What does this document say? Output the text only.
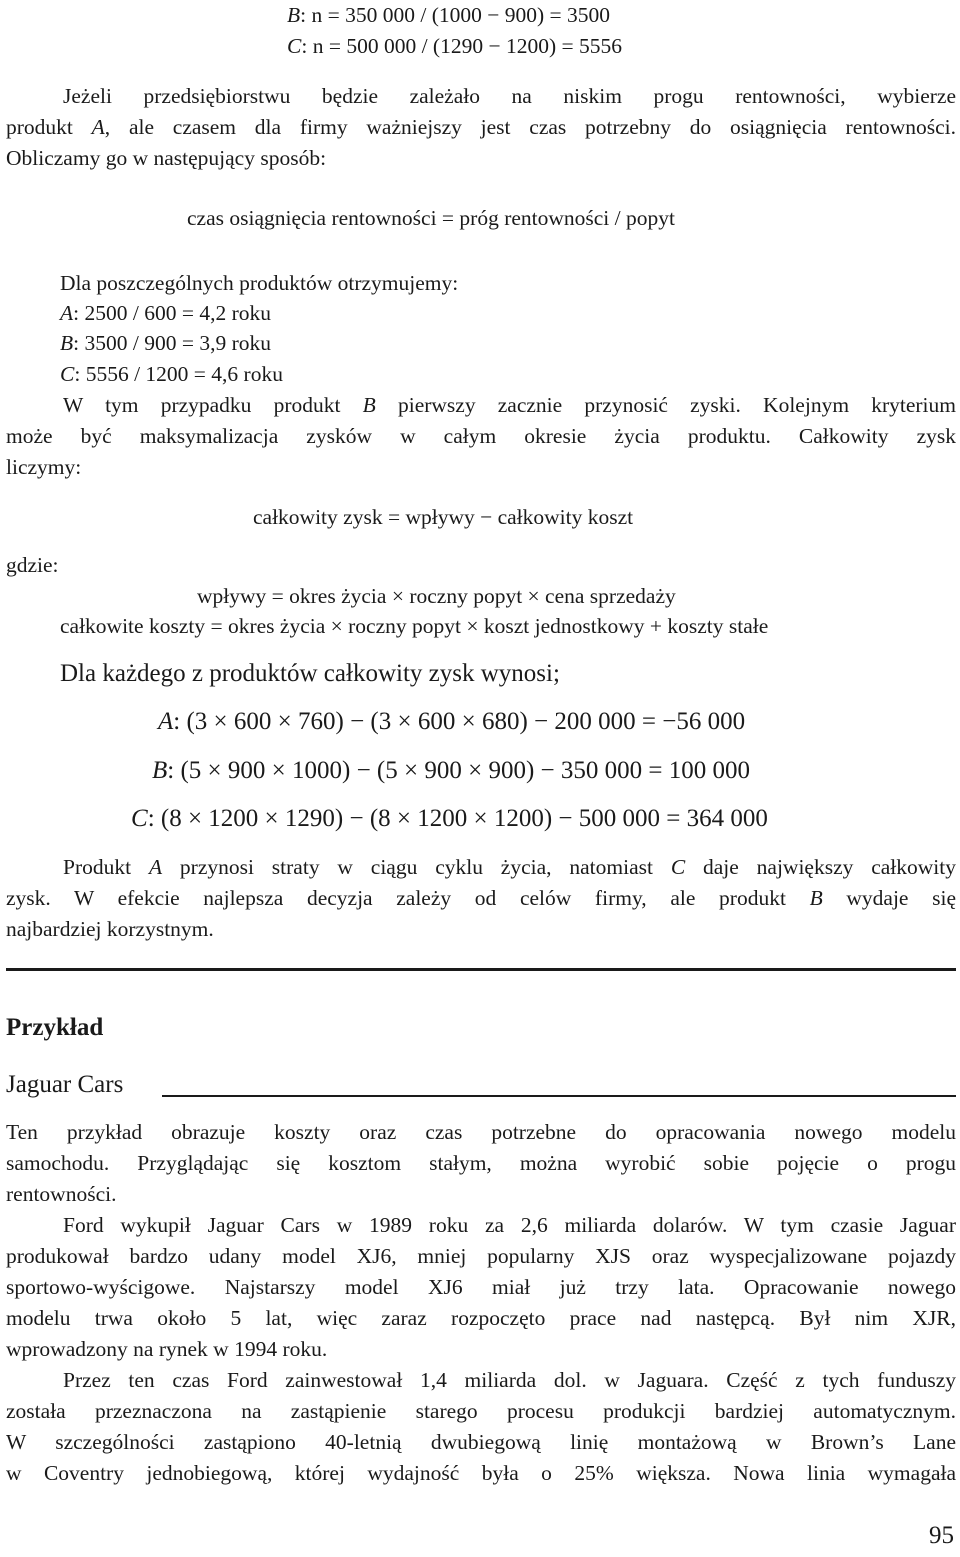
B: n = 350 000 / (1000 − 900) = 3500
C: n = 500 000 / (1290 − 1200) = 5556

Jeżeli przedsiębiorstwu będzie zależało na niskim progu rentowności, wybierze

produkt A, ale czasem dla firmy ważniejszy jest czas potrzebny do osiągnięcia rentowności.

Obliczamy go w następujący sposób:

czas osiągnięcia rentowności = próg rentowności / popyt
Dla poszczególnych produktów otrzymujemy:
A: 2500 / 600 = 4,2 roku
B: 3500 / 900 = 3,9 roku
C: 5556 / 1200 = 4,6 roku

W tym przypadku produkt B pierwszy zacznie przynosić zyski. Kolejnym kryterium

może być maksymalizacja zysków w całym okresie życia produktu. Całkowity zysk

liczymy:

całkowity zysk = wpływy − całkowity koszt
gdzie:
wpływy = okres życia × roczny popyt × cena sprzedaży
całkowite koszty = okres życia × roczny popyt × koszt jednostkowy + koszty stałe
Dla każdego z produktów całkowity zysk wynosi;
A: (3 × 600 × 760) − (3 × 600 × 680) − 200 000 = −56 000
B: (5 × 900 × 1000) − (5 × 900 × 900) − 350 000 = 100 000
C: (8 × 1200 × 1290) − (8 × 1200 × 1200) − 500 000 = 364 000

Produkt A przynosi straty w ciągu cyklu życia, natomiast C daje największy całkowity

zysk. W efekcie najlepsza decyzja zależy od celów firmy, ale produkt B wydaje się

najbardziej korzystnym.

Przykład
Jaguar Cars

Ten przykład obrazuje koszty oraz czas potrzebne do opracowania nowego modelu

samochodu. Przyglądając się kosztom stałym, można wyrobić sobie pojęcie o progu

rentowności.

Ford wykupił Jaguar Cars w 1989 roku za 2,6 miliarda dolarów. W tym czasie Jaguar

produkował bardzo udany model XJ6, mniej popularny XJS oraz wyspecjalizowane pojazdy

sportowo-wyścigowe. Najstarszy model XJ6 miał już trzy lata. Opracowanie nowego

modelu trwa około 5 lat, więc zaraz rozpoczęto prace nad następcą. Był nim XJR,

wprowadzony na rynek w 1994 roku.

Przez ten czas Ford zainwestował 1,4 miliarda dol. w Jaguara. Część z tych funduszy

została przeznaczona na zastąpienie starego procesu produkcji bardziej automatycznym.

W szczególności zastąpiono 40-letnią dwubiegową linię montażową w Brown’s Lane

w Coventry jednobiegową, której wydajność była o 25% większa. Nowa linia wymagała

95
